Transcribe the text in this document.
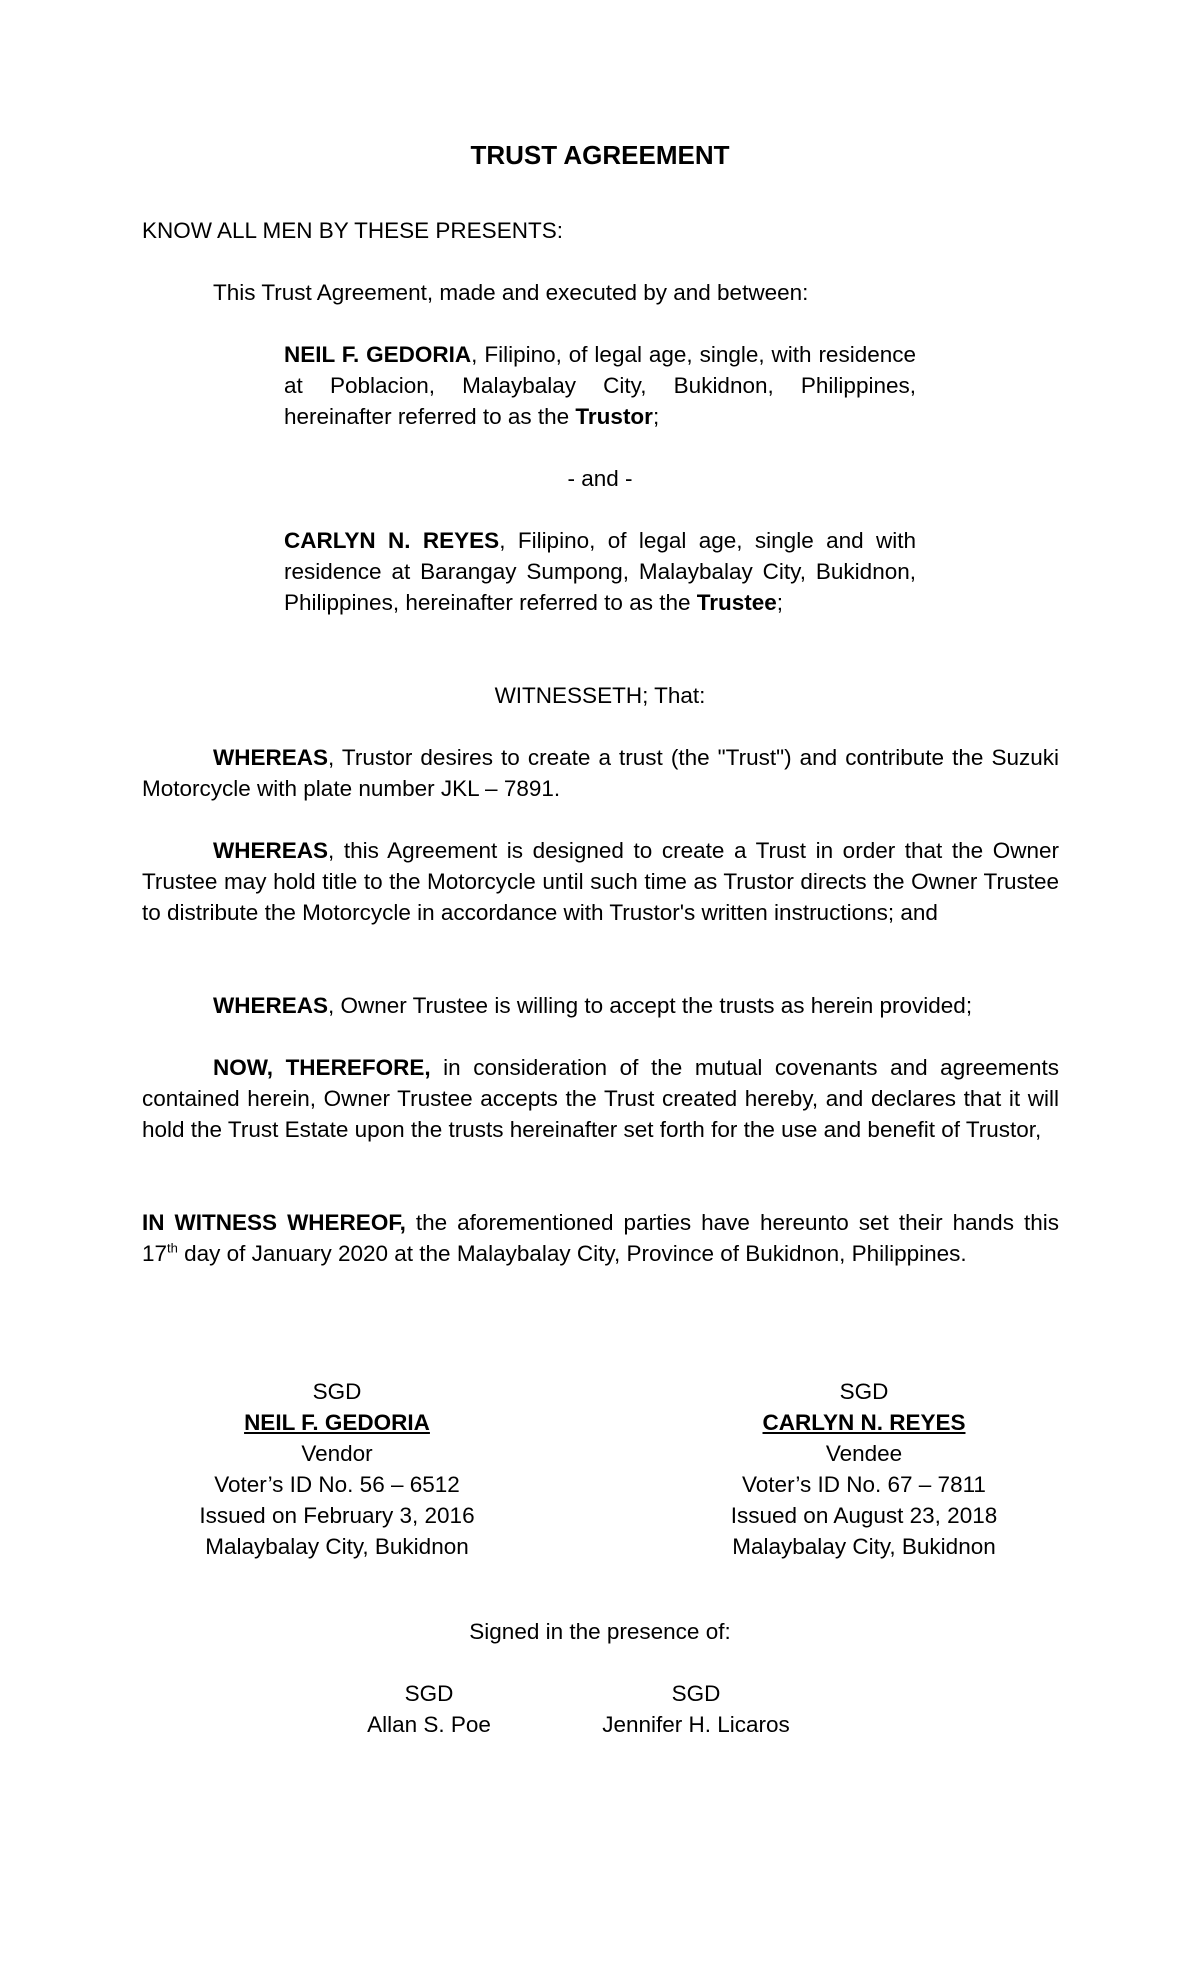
TRUST AGREEMENT
KNOW ALL MEN BY THESE PRESENTS:
This Trust Agreement, made and executed by and between:
NEIL F. GEDORIA, Filipino, of legal age, single, with residence at Poblacion, Malaybalay City, Bukidnon, Philippines, hereinafter referred to as the Trustor;
- and -
CARLYN N. REYES, Filipino, of legal age, single and with residence at Barangay Sumpong, Malaybalay City, Bukidnon, Philippines, hereinafter referred to as the Trustee;
WITNESSETH; That:
WHEREAS, Trustor desires to create a trust (the "Trust") and contribute the Suzuki Motorcycle with plate number JKL – 7891.
WHEREAS, this Agreement is designed to create a Trust in order that the Owner Trustee may hold title to the Motorcycle until such time as Trustor directs the Owner Trustee to distribute the Motorcycle in accordance with Trustor's written instructions; and
WHEREAS, Owner Trustee is willing to accept the trusts as herein provided;
NOW, THEREFORE, in consideration of the mutual covenants and agreements contained herein, Owner Trustee accepts the Trust created hereby, and declares that it will hold the Trust Estate upon the trusts hereinafter set forth for the use and benefit of Trustor,
IN WITNESS WHEREOF, the aforementioned parties have hereunto set their hands this 17th day of January 2020 at the Malaybalay City, Province of Bukidnon, Philippines.
SGD
NEIL F. GEDORIA
Vendor
Voter’s ID No. 56 – 6512
Issued on February 3, 2016
Malaybalay City, Bukidnon
SGD
CARLYN N. REYES
Vendee
Voter’s ID No. 67 – 7811
Issued on August 23, 2018
Malaybalay City, Bukidnon
Signed in the presence of:
SGD
Allan S. Poe
SGD
Jennifer H. Licaros
